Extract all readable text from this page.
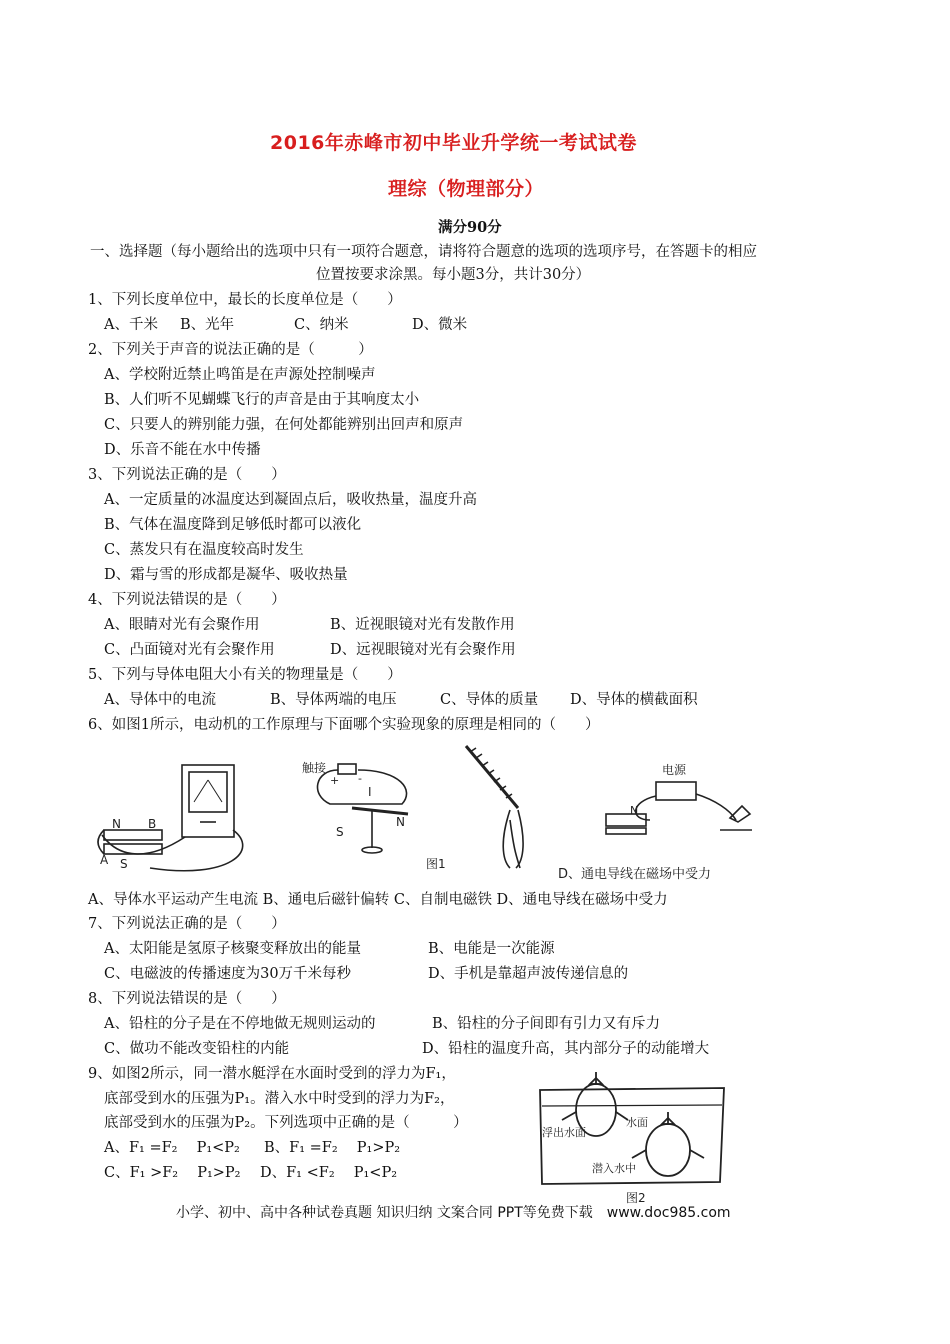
2016年赤峰市初中毕业升学统一考试试卷
理综（物理部分）
满分90分
一、选择题（每小题给出的选项中只有一项符合题意，请将符合题意的选项的选项序号，在答题卡的相应
位置按要求涂黑。每小题3分，共计30分）
1、下列长度单位中，最长的长度单位是（　　）
A、千米 B、光年	C、纳米	D、微米
2、下列关于声音的说法正确的是（　　　）
A、学校附近禁止鸣笛是在声源处控制噪声
B、人们听不见蝴蝶飞行的声音是由于其响度太小
C、只要人的辨别能力强，在何处都能辨别出回声和原声
D、乐音不能在水中传播
3、下列说法正确的是（　　）
A、一定质量的冰温度达到凝固点后，吸收热量，温度升高
B、气体在温度降到足够低时都可以液化
C、蒸发只有在温度较高时发生
D、霜与雪的形成都是凝华、吸收热量
4、下列说法错误的是（　　）
A、眼睛对光有会聚作用	B、近视眼镜对光有发散作用
C、凸面镜对光有会聚作用	D、远视眼镜对光有会聚作用
5、下列与导体电阻大小有关的物理量是（　　）
A、导体中的电流	B、导体两端的电压	C、导体的质量 D、导体的横截面积
6、如图1所示，电动机的工作原理与下面哪个实验现象的原理是相同的（　　）
N B
A S
触接
+ -
I
S
N
图1
电源
N
D、通电导线在磁场中受力
A、导体水平运动产生电流 B、通电后磁针偏转 C、自制电磁铁 D、通电导线在磁场中受力
7、下列说法正确的是（　　）
A、太阳能是氢原子核聚变释放出的能量	B、电能是一次能源
C、电磁波的传播速度为30万千米每秒	D、手机是靠超声波传递信息的
8、下列说法错误的是（　　）
A、铅柱的分子是在不停地做无规则运动的	B、铅柱的分子间即有引力又有斥力
C、做功不能改变铅柱的内能	D、铅柱的温度升高，其内部分子的动能增大
9、如图2所示，同一潜水艇浮在水面时受到的浮力为F₁，
底部受到水的压强为P₁。潜入水中时受到的浮力为F₂，
底部受到水的压强为P₂。下列选项中正确的是（　　　）
A、F₁ =F₂　 P₁<P₂ B、F₁ =F₂　 P₁>P₂
C、F₁ >F₂　 P₁>P₂ D、F₁ <F₂　 P₁<P₂
浮出水面
水面
潜入水中
图2
小学、初中、高中各种试卷真题 知识归纳 文案合同 PPT等免费下载　www.doc985.com
